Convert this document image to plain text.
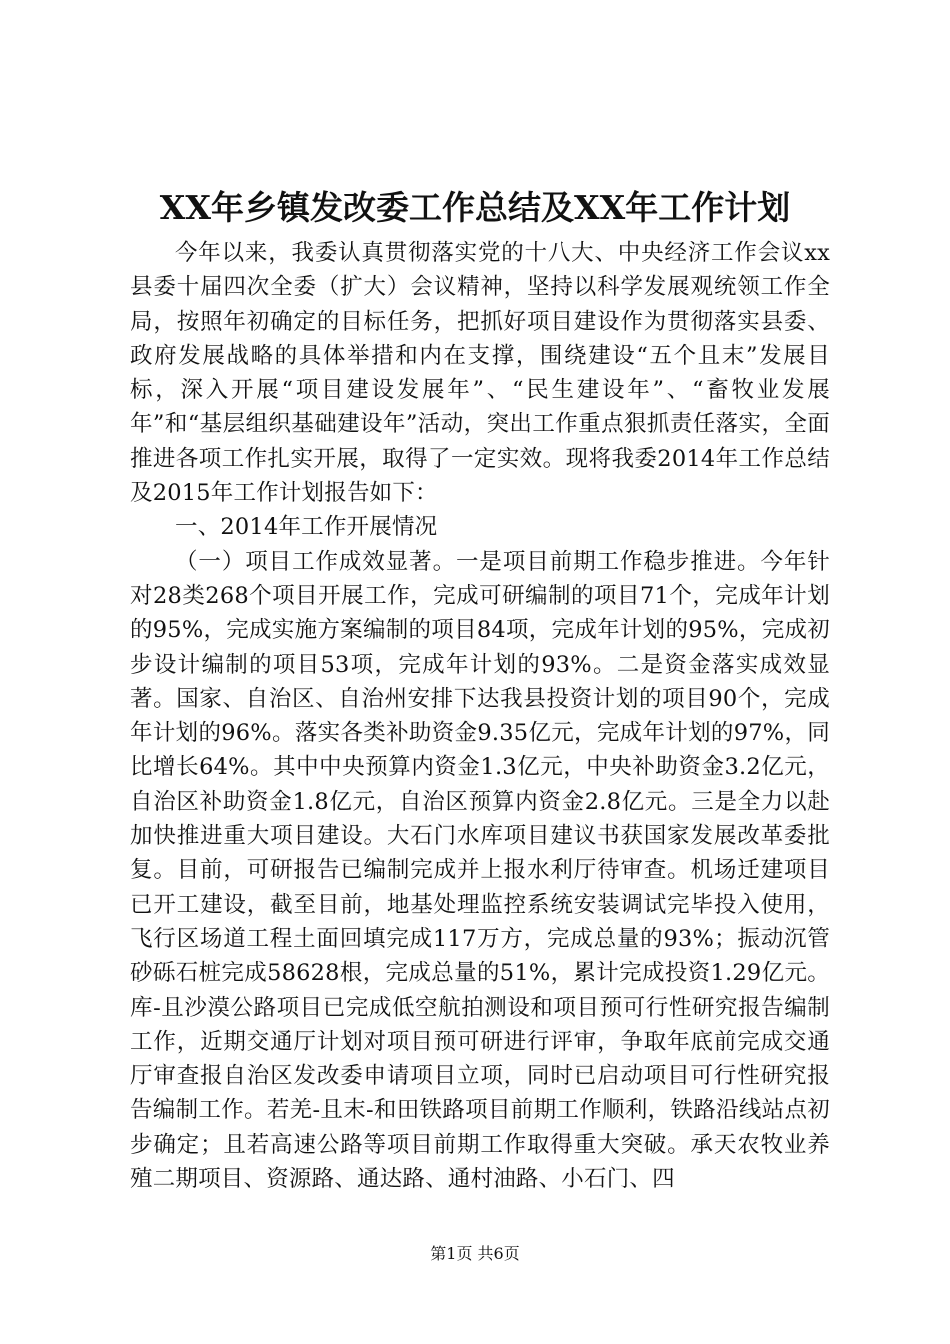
XX年乡镇发改委工作总结及XX年工作计划

今年以来，我委认真贯彻落实党的十八大、中央经济工作会议xx县委十届四次全委（扩大）会议精神，坚持以科学发展观统领工作全局，按照年初确定的目标任务，把抓好项目建设作为贯彻落实县委、政府发展战略的具体举措和内在支撑，围绕建设“五个且末”发展目标，深入开展“项目建设发展年”、“民生建设年”、“畜牧业发展年”和“基层组织基础建设年”活动，突出工作重点狠抓责任落实，全面推进各项工作扎实开展，取得了一定实效。现将我委2014年工作总结及2015年工作计划报告如下：

一、2014年工作开展情况

（一）项目工作成效显著。一是项目前期工作稳步推进。今年针对28类268个项目开展工作，完成可研编制的项目71个，完成年计划的95%，完成实施方案编制的项目84项，完成年计划的95%，完成初步设计编制的项目53项，完成年计划的93%。二是资金落实成效显著。国家、自治区、自治州安排下达我县投资计划的项目90个，完成年计划的96%。落实各类补助资金9.35亿元，完成年计划的97%，同比增长64%。其中中央预算内资金1.3亿元，中央补助资金3.2亿元，自治区补助资金1.8亿元，自治区预算内资金2.8亿元。三是全力以赴加快推进重大项目建设。大石门水库项目建议书获国家发展改革委批复。目前，可研报告已编制完成并上报水利厅待审查。机场迁建项目已开工建设，截至目前，地基处理监控系统安装调试完毕投入使用，飞行区场道工程土面回填完成117万方，完成总量的93%；振动沉管砂砾石桩完成58628根，完成总量的51%，累计完成投资1.29亿元。库-且沙漠公路项目已完成低空航拍测设和项目预可行性研究报告编制工作，近期交通厅计划对项目预可研进行评审，争取年底前完成交通厅审查报自治区发改委申请项目立项，同时已启动项目可行性研究报告编制工作。若羌-且末-和田铁路项目前期工作顺利，铁路沿线站点初步确定；且若高速公路等项目前期工作取得重大突破。承天农牧业养殖二期项目、资源路、通达路、通村油路、小石门、四

第1页 共6页
